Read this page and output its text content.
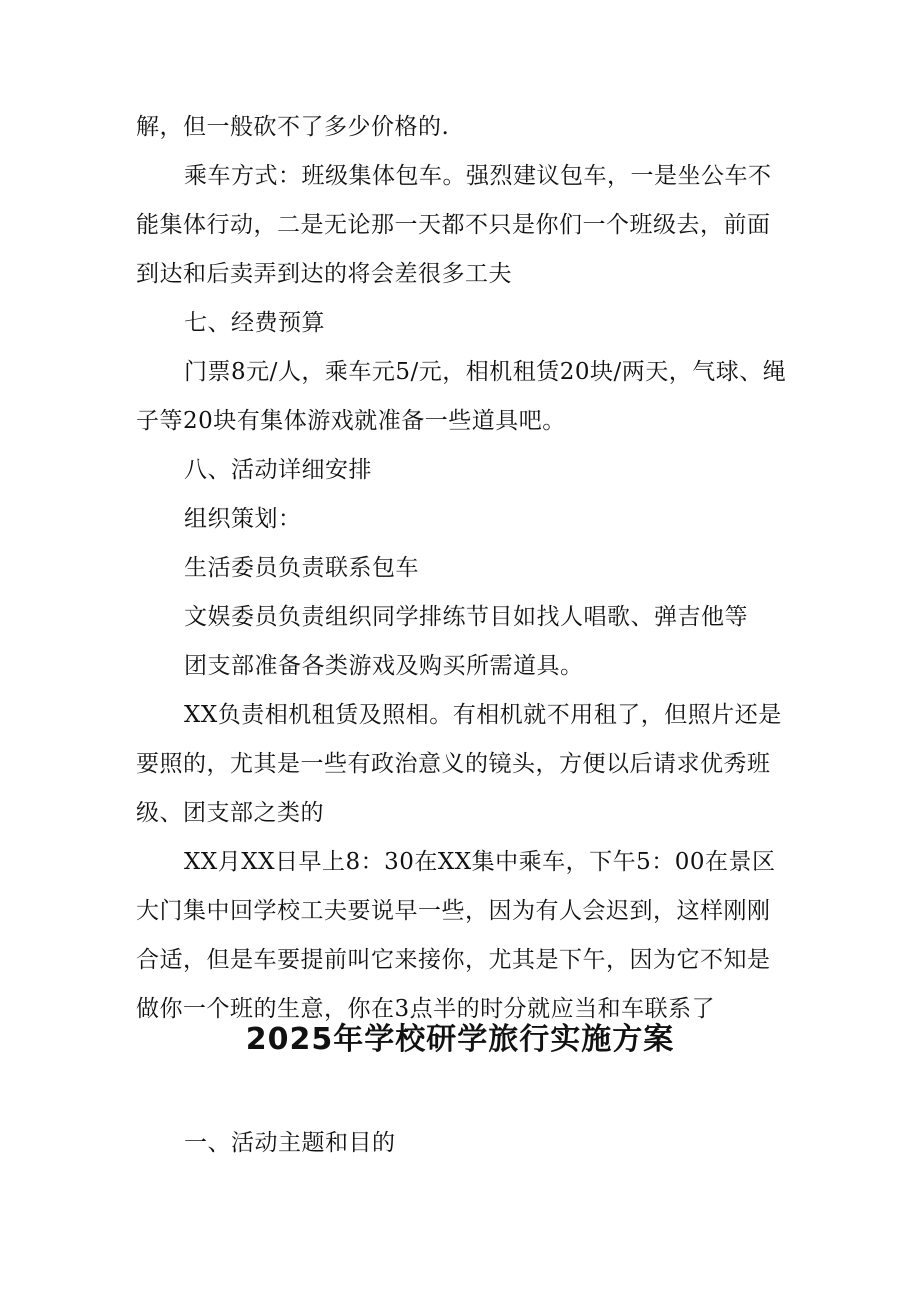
解，但一般砍不了多少价格的.

乘车方式：班级集体包车。强烈建议包车，一是坐公车不能集体行动，二是无论那一天都不只是你们一个班级去，前面到达和后卖弄到达的将会差很多工夫

七、经费预算

门票8元/人，乘车元5/元，相机租赁20块/两天，气球、绳子等20块有集体游戏就准备一些道具吧。

八、活动详细安排

组织策划：

生活委员负责联系包车

文娱委员负责组织同学排练节目如找人唱歌、弹吉他等

团支部准备各类游戏及购买所需道具。

XX负责相机租赁及照相。有相机就不用租了，但照片还是要照的，尤其是一些有政治意义的镜头，方便以后请求优秀班级、团支部之类的

XX月XX日早上8：30在XX集中乘车，下午5：00在景区大门集中回学校工夫要说早一些，因为有人会迟到，这样刚刚合适，但是车要提前叫它来接你，尤其是下午，因为它不知是做你一个班的生意，你在3点半的时分就应当和车联系了

2025年学校研学旅行实施方案

一、活动主题和目的
